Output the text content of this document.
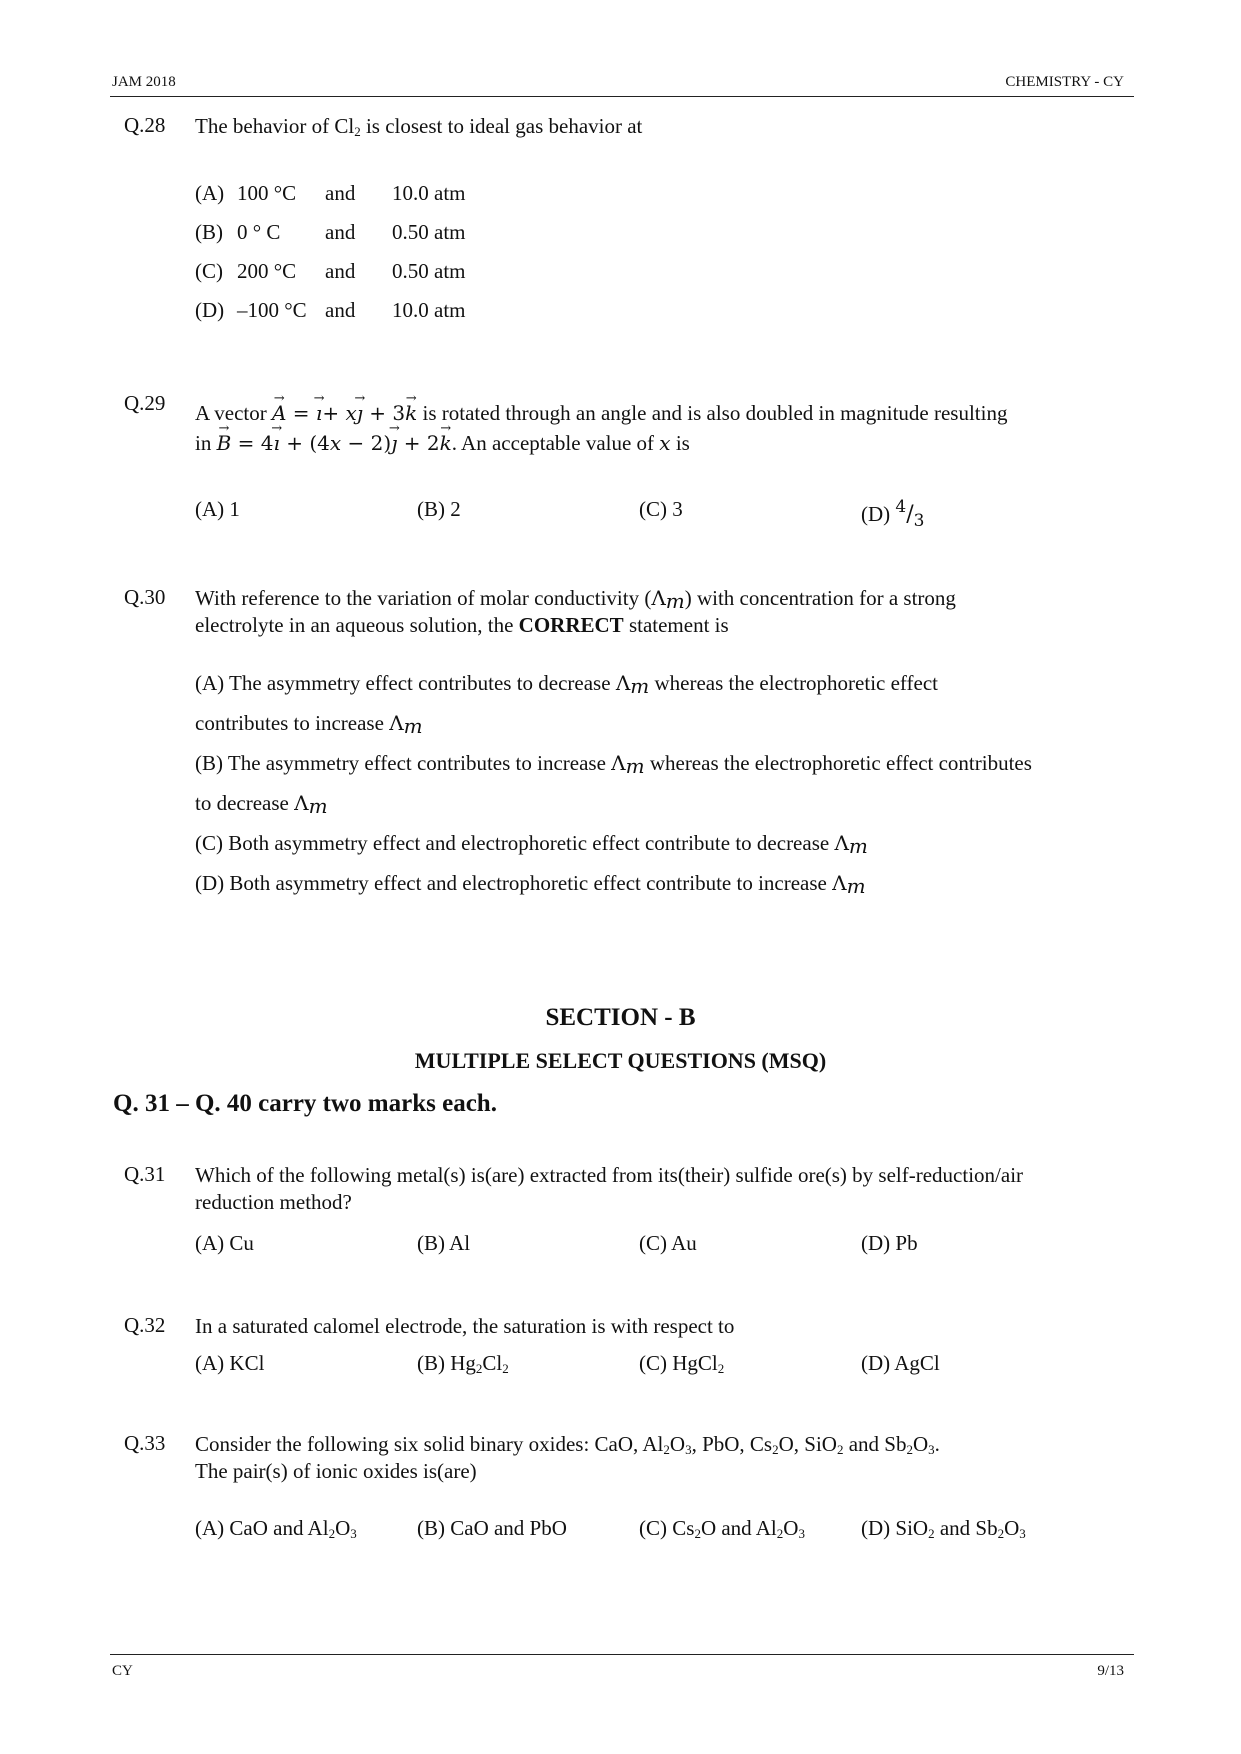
JAM 2018	CHEMISTRY - CY
Q.28 The behavior of $Cl_2$ is closest to ideal gas behavior at
(A) 100 °C and 10.0 atm
(B) 0 ° C and 0.50 atm
(C) 200 °C and 0.50 atm
(D) –100 °C and 10.0 atm
Q.29 A vector → A = → ı+ x→ ȷ + 3→ k is rotated through an angle and is also doubled in magnitude resulting
in → B = 4→ ı + (4x − 2)→ ȷ + 2→ k. An acceptable value of x is
(A) 1	(B) 2	(C) 3	(D) $^4/_3$
Q.30 With reference to the variation of molar conductivity $(\Lambda_m)$ with concentration for a strong
electrolyte in an aqueous solution, the CORRECT statement is
(A) The asymmetry effect contributes to decrease $\Lambda_m$ whereas the electrophoretic effect
contributes to increase $\Lambda_m$
(B) The asymmetry effect contributes to increase $\Lambda_m$ whereas the electrophoretic effect contributes
to decrease $\Lambda_m$
(C) Both asymmetry effect and electrophoretic effect contribute to decrease $\Lambda_m$
(D) Both asymmetry effect and electrophoretic effect contribute to increase $\Lambda_m$
SECTION - B
MULTIPLE SELECT QUESTIONS (MSQ)
Q. 31 – Q. 40 carry two marks each.
Q.31 Which of the following metal(s) is(are) extracted from its(their) sulfide ore(s) by self-reduction/air
reduction method?
(A) Cu	(B) Al	(C) Au	(D) Pb
Q.32 In a saturated calomel electrode, the saturation is with respect to
(A) KCl	(B) $Hg_2Cl_2$	(C) HgCl$_2$	(D) AgCl
Q.33 Consider the following six solid binary oxides: CaO, $Al_2O_3$, PbO, $Cs_2O$, SiO$_2$ and $Sb_2O_3$.
The pair(s) of ionic oxides is(are)
(A) CaO and $Al_2O_3$	(B) CaO and PbO	(C) $Cs_2O$ and $Al_2O_3$	(D) SiO$_2$ and $Sb_2O_3$
CY	9/13
